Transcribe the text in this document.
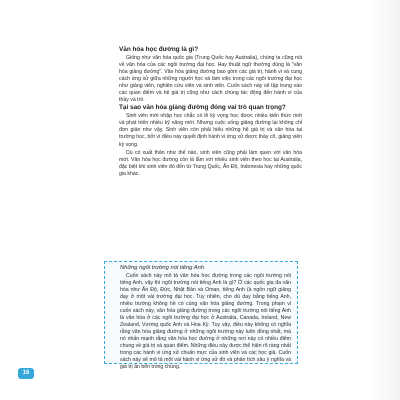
Văn hóa học đường là gì?

Giống như văn hóa quốc gia (Trung Quốc hay Australia), chúng ta cũng nói về văn hóa của các ngôi trường đại học. Hay thuật ngữ thường dùng là "văn hóa giảng đường". Văn hóa giảng đường bao gồm các giá trị, hành vi và cung cách ứng xử giữa những người học và làm việc trong các ngôi trường đại học như giảng viên, nghiên cứu viên và sinh viên. Cuốn sách này sẽ tập trung vào các quan điểm và hệ giá trị cũng như cách chúng tác động đến hành vi của thầy và trò.

Tại sao văn hóa giảng đường đóng vai trò quan trọng?

Sinh viên mới nhập học chắc có lẽ kỳ vọng học được nhiều kiến thức mới và phát triển nhiều kỹ năng mới. Nhưng cuộc sống giảng đường lại không chỉ đơn giản như vậy. Sinh viên còn phải hiểu những hệ giá trị và văn hóa tại trường học, bởi vì điều này quyết định hành vi ứng xử được thầy cô, giảng viên kỳ vọng.

Dù có xuất thân như thế nào, sinh viên cũng phải làm quen với văn hóa mới. Văn hóa học đường còn là lẫm với nhiều sinh viên theo học tại Australia, đặc biệt khi sinh viên đó đến từ Trung Quốc, Ấn Độ, Indonesia hay những quốc gia khác.

Những ngôi trường nói tiếng Anh

Cuốn sách này mô tả văn hóa học đường trong các ngôi trường nói tiếng Anh, vậy thì ngôi trường nói tiếng Anh là gì? Ở các quốc gia đa văn hóa như Ấn Độ, Đức, Nhật Bản và Oman, tiếng Anh (à ngôn ngữ giảng dạy ở một vài trường đại học. Tuy nhiên, cho dù dạy bằng tiếng Anh, nhiều trường không hề có cùng văn hóa giảng đường. Trong phạm vi cuốn sách này, văn hóa giảng đường trong các ngôi trường nói tiếng Anh là văn hóa ở các ngôi trường đại học ở Australia, Canada, Ireland, New Zealand, Vương quốc Anh và Hoa Kỳ. Tuy vậy, điều này không có nghĩa rằng văn hóa giảng đường ở những ngôi trường này luôn đồng nhất, mà nó nhấn mạnh rằng văn hóa học đường ở những nơi này có nhiều điểm chung về giá trị và quan điểm. Những điều này được thể hiện rõ ràng nhất trong các hành vi ứng xử chuẩn mực của sinh viên và các học giả. Cuốn sách này sẽ mô tả một vài hành vi ứng xử đó và phân tích sâu ý nghĩa và giá trị ẩn bên trong chúng.

16
